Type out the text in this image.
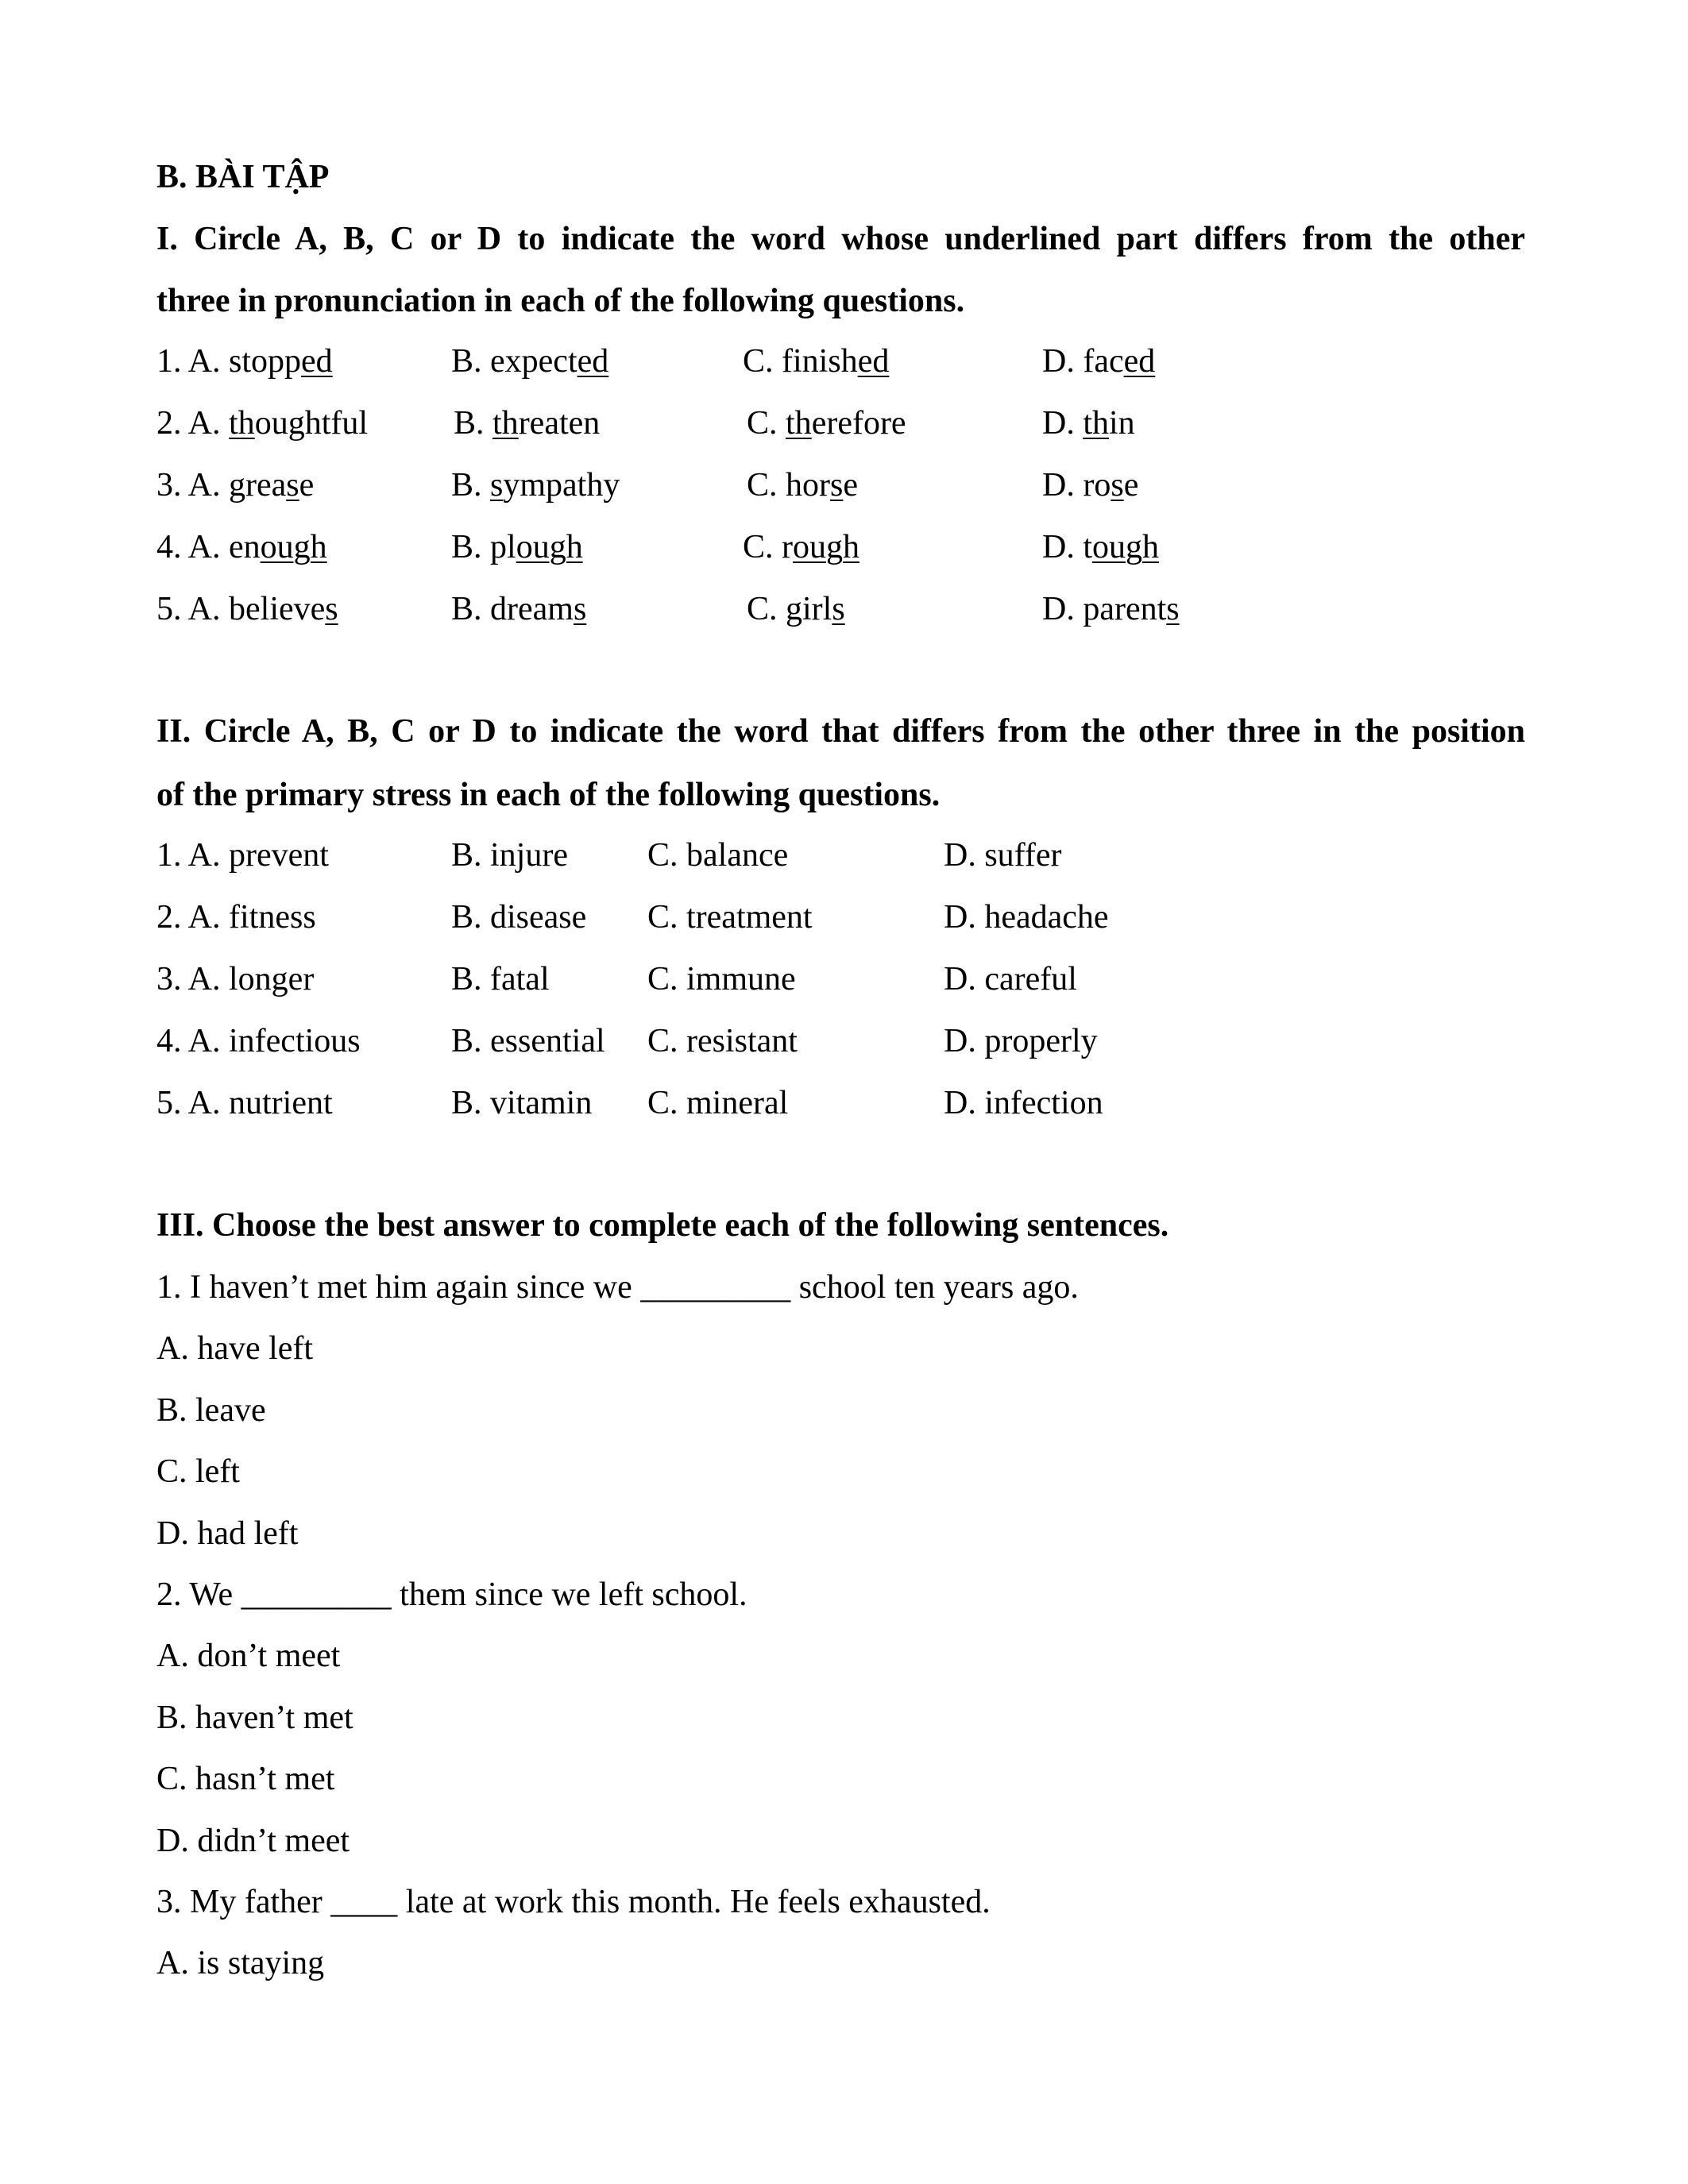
B. BÀI TẬP
I. Circle A, B, C or D to indicate the word whose underlined part differs from the other
three in pronunciation in each of the following questions.
1. A. stopped	B. expected	C. finished	D. faced
2. A. thoughtful	B. threaten	C. therefore	D. thin
3. A. grease	B. sympathy	C. horse	D. rose
4. A. enough	B. plough	C. rough	D. tough
5. A. believes	B. dreams	C. girls	D. parents
II. Circle A, B, C or D to indicate the word that differs from the other three in the position
of the primary stress in each of the following questions.
1. A. prevent	B. injure C. balance	D. suffer
2. A. fitness	B. disease C. treatment	D. headache
3. A. longer	B. fatal	C. immune	D. careful
4. A. infectious	B. essential C. resistant	D. properly
5. A. nutrient	B. vitamin C. mineral	D. infection
III. Choose the best answer to complete each of the following sentences.
1. I haven’t met him again since we _________ school ten years ago.
A. have left
B. leave
C. left
D. had left
2. We _________ them since we left school.
A. don’t meet
B. haven’t met
C. hasn’t met
D. didn’t meet
3. My father ____ late at work this month. He feels exhausted.
A. is staying
